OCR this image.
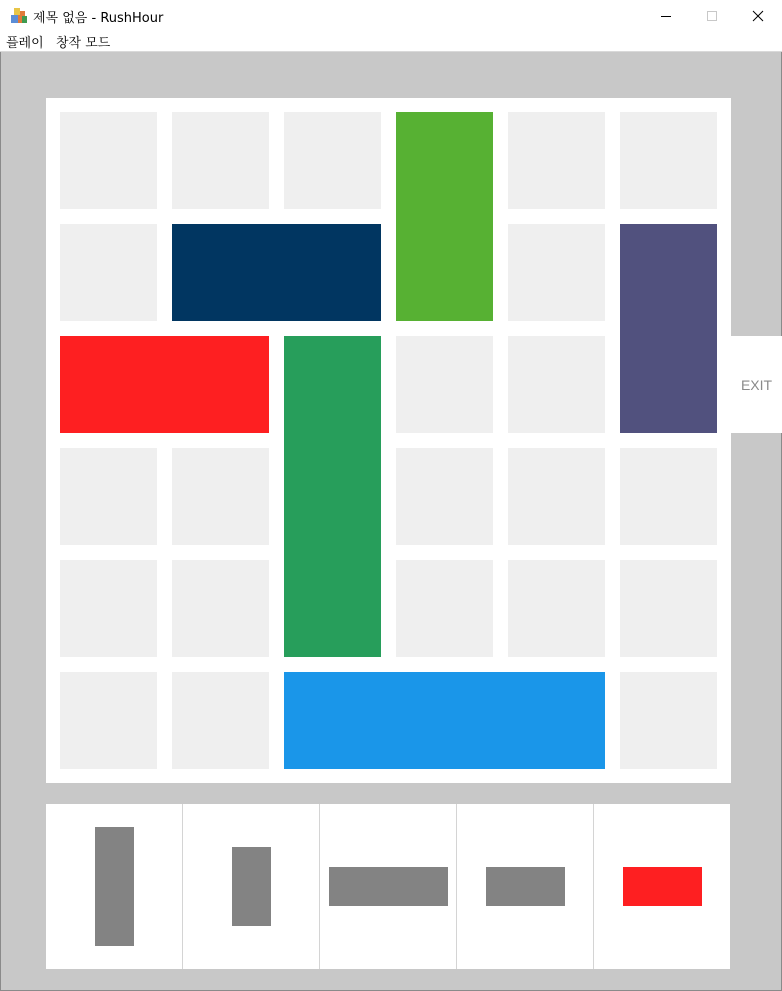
제목 없음 - RushHour
플레이 창작 모드
EXIT
